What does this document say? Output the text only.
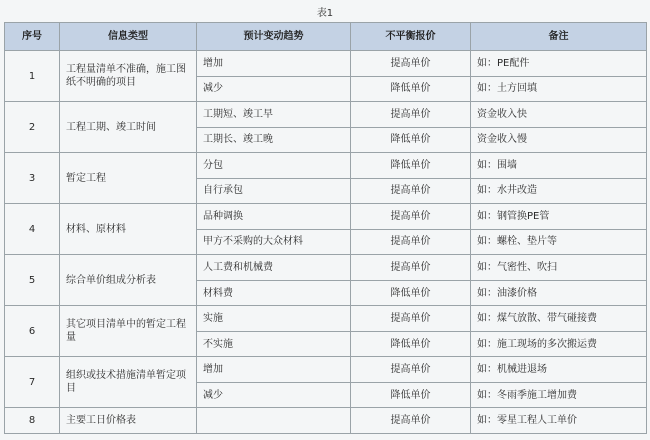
表1
序号	信息类型	预计变动趋势	不平衡报价	备注
1	工程量清单不准确，施工图纸不明确的项目	增加	提高单价	如：PE配件
		减少	降低单价	如：土方回填
2	工程工期、竣工时间	工期短、竣工早	提高单价	资金收入快
		工期长、竣工晚	降低单价	资金收入慢
3	暂定工程	分包	降低单价	如：围墙
		自行承包	提高单价	如：水井改造
4	材料、原材料	品种调换	提高单价	如：钢管换PE管
		甲方不采购的大众材料	提高单价	如：螺栓、垫片等
5	综合单价组成分析表	人工费和机械费	提高单价	如：气密性、吹扫
		材料费	降低单价	如：油漆价格
6	其它项目清单中的暂定工程量	实施	提高单价	如：煤气放散、带气碰接费
		不实施	降低单价	如：施工现场的多次搬运费
7	组织或技术措施清单暂定项目	增加	提高单价	如：机械进退场
		减少	降低单价	如：冬雨季施工增加费
8	主要工日价格表		提高单价	如：零星工程人工单价
